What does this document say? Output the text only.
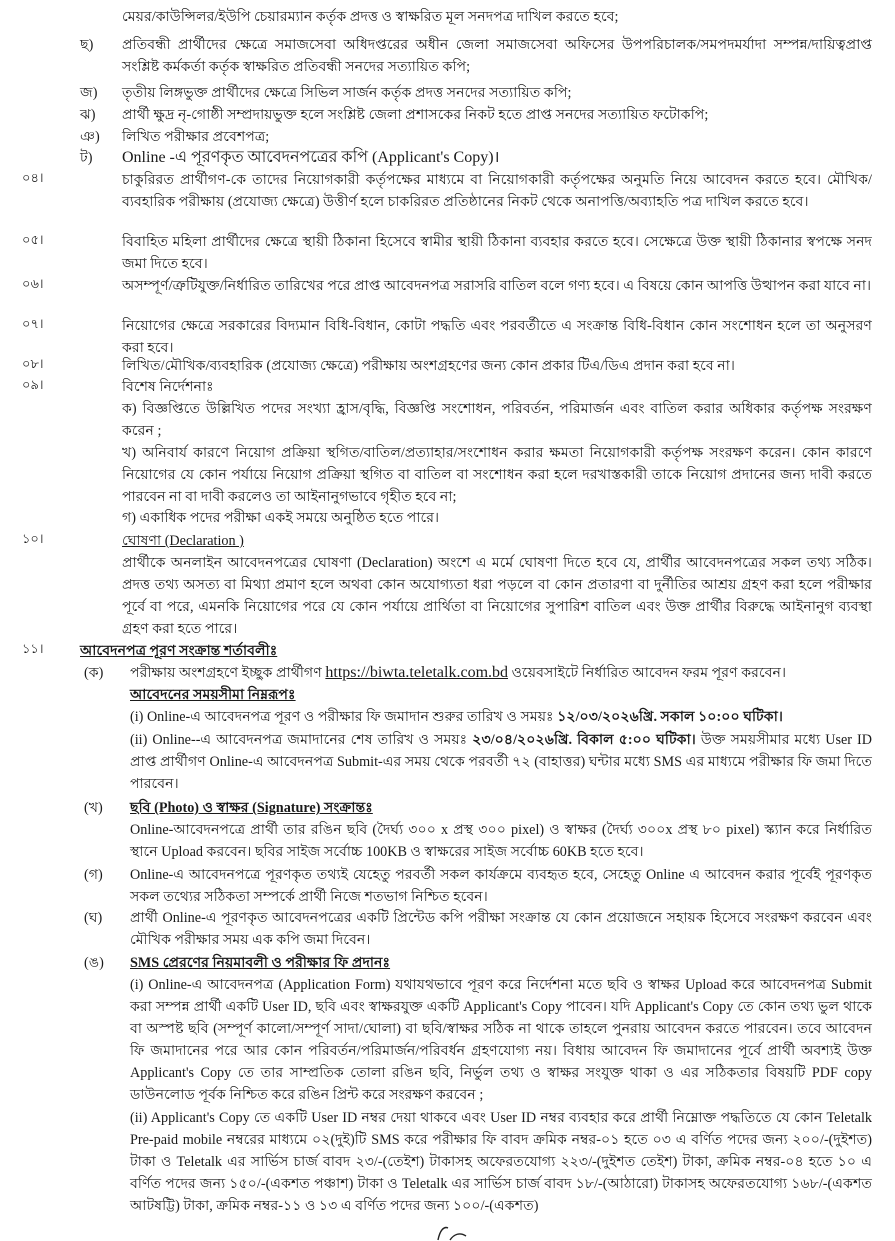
মেয়র/কাউন্সিলর/ইউপি চেয়ারম্যান কর্তৃক প্রদত্ত ও স্বাক্ষরিত মূল সনদপত্র দাখিল করতে হবে;

ছ)	প্রতিবন্ধী প্রার্থীদের ক্ষেত্রে সমাজসেবা অধিদপ্তরের অধীন জেলা সমাজসেবা অফিসের উপপরিচালক/সমপদমর্যাদা সম্পন্ন/দায়িত্বপ্রাপ্ত সংশ্লিষ্ট কর্মকর্তা কর্তৃক স্বাক্ষরিত প্রতিবন্ধী সনদের সত্যায়িত কপি;

জ)	তৃতীয় লিঙ্গভুক্ত প্রার্থীদের ক্ষেত্রে সিভিল সার্জন কর্তৃক প্রদত্ত সনদের সত্যায়িত কপি;

ঝ)	প্রার্থী ক্ষুদ্র নৃ-গোষ্ঠী সম্প্রদায়ভুক্ত হলে সংশ্লিষ্ট জেলা প্রশাসকের নিকট হতে প্রাপ্ত সনদের সত্যায়িত ফটোকপি;

ঞ)	লিখিত পরীক্ষার প্রবেশপত্র;

ট)	Online -এ পূরণকৃত আবেদনপত্রের কপি (Applicant's Copy)।

০৪।	চাকুরিরত প্রার্থীগণ-কে তাদের নিয়োগকারী কর্তৃপক্ষের মাধ্যমে বা নিয়োগকারী কর্তৃপক্ষের অনুমতি নিয়ে আবেদন করতে হবে। মৌখিক/ব্যবহারিক পরীক্ষায় (প্রযোজ্য ক্ষেত্রে) উত্তীর্ণ হলে চাকরিরত প্রতিষ্ঠানের নিকট থেকে অনাপত্তি/অব্যাহতি পত্র দাখিল করতে হবে।

০৫।	বিবাহিত মহিলা প্রার্থীদের ক্ষেত্রে স্থায়ী ঠিকানা হিসেবে স্বামীর স্থায়ী ঠিকানা ব্যবহার করতে হবে। সেক্ষেত্রে উক্ত স্থায়ী ঠিকানার স্বপক্ষে সনদ জমা দিতে হবে।

০৬।	অসম্পূর্ণ/ত্রুটিযুক্ত/নির্ধারিত তারিখের পরে প্রাপ্ত আবেদনপত্র সরাসরি বাতিল বলে গণ্য হবে। এ বিষয়ে কোন আপত্তি উত্থাপন করা যাবে না।

০৭।	নিয়োগের ক্ষেত্রে সরকারের বিদ্যমান বিধি-বিধান, কোটা পদ্ধতি এবং পরবর্তীতে এ সংক্রান্ত বিধি-বিধান কোন সংশোধন হলে তা অনুসরণ করা হবে।

০৮।	লিখিত/মৌখিক/ব্যবহারিক (প্রযোজ্য ক্ষেত্রে) পরীক্ষায় অংশগ্রহণের জন্য কোন প্রকার টিএ/ডিএ প্রদান করা হবে না।

০৯।	বিশেষ নির্দেশনাঃ

ক) বিজ্ঞপ্তিতে উল্লিখিত পদের সংখ্যা হ্রাস/বৃদ্ধি, বিজ্ঞপ্তি সংশোধন, পরিবর্তন, পরিমার্জন এবং বাতিল করার অধিকার কর্তৃপক্ষ সংরক্ষণ করেন ;

খ) অনিবার্য কারণে নিয়োগ প্রক্রিয়া স্থগিত/বাতিল/প্রত্যাহার/সংশোধন করার ক্ষমতা নিয়োগকারী কর্তৃপক্ষ সংরক্ষণ করেন। কোন কারণে নিয়োগের যে কোন পর্যায়ে নিয়োগ প্রক্রিয়া স্থগিত বা বাতিল বা সংশোধন করা হলে দরখাস্তকারী তাকে নিয়োগ প্রদানের জন্য দাবী করতে পারবেন না বা দাবী করলেও তা আইনানুগভাবে গৃহীত হবে না;

গ) একাধিক পদের পরীক্ষা একই সময়ে অনুষ্ঠিত হতে পারে।

১০।	ঘোষণা (Declaration )

প্রার্থীকে অনলাইন আবেদনপত্রের ঘোষণা (Declaration) অংশে এ মর্মে ঘোষণা দিতে হবে যে, প্রার্থীর আবেদনপত্রের সকল তথ্য সঠিক। প্রদত্ত তথ্য অসত্য বা মিথ্যা প্রমাণ হলে অথবা কোন অযোগ্যতা ধরা পড়লে বা কোন প্রতারণা বা দুর্নীতির আশ্রয় গ্রহণ করা হলে পরীক্ষার পূর্বে বা পরে, এমনকি নিয়োগের পরে যে কোন পর্যায়ে প্রার্থিতা বা নিয়োগের সুপারিশ বাতিল এবং উক্ত প্রার্থীর বিরুদ্ধে আইনানুগ ব্যবস্থা গ্রহণ করা হতে পারে।

১১।	আবেদনপত্র পূরণ সংক্রান্ত শর্তাবলীঃ

(ক)	পরীক্ষায় অংশগ্রহণে ইচ্ছুক প্রার্থীগণ https://biwta.teletalk.com.bd ওয়েবসাইটে নির্ধারিত আবেদন ফরম পূরণ করবেন।

আবেদনের সময়সীমা নিম্নরূপঃ

(i) Online-এ আবেদনপত্র পূরণ ও পরীক্ষার ফি জমাদান শুরুর তারিখ ও সময়ঃ ১২/০৩/২০২৬খ্রি. সকাল ১০:০০ ঘটিকা।

(ii) Online--এ আবেদনপত্র জমাদানের শেষ তারিখ ও সময়ঃ ২৩/০৪/২০২৬খ্রি. বিকাল ৫:০০ ঘটিকা। উক্ত সময়সীমার মধ্যে User ID প্রাপ্ত প্রার্থীগণ Online-এ আবেদনপত্র Submit-এর সময় থেকে পরবর্তী ৭২ (বাহাত্তর) ঘন্টার মধ্যে SMS এর মাধ্যমে পরীক্ষার ফি জমা দিতে পারবেন।

(খ)	ছবি (Photo) ও স্বাক্ষর (Signature) সংক্রান্তঃ

Online-আবেদনপত্রে প্রার্থী তার রঙিন ছবি (দৈর্ঘ্য ৩০০ x প্রস্থ ৩০০ pixel) ও স্বাক্ষর (দৈর্ঘ্য ৩০০x প্রস্থ ৮০ pixel) স্ক্যান করে নির্ধারিত স্থানে Upload করবেন। ছবির সাইজ সর্বোচ্চ 100KB ও স্বাক্ষরের সাইজ সর্বোচ্চ 60KB হতে হবে।

(গ)	Online-এ আবেদনপত্রে পূরণকৃত তথ্যই যেহেতু পরবর্তী সকল কার্যক্রমে ব্যবহৃত হবে, সেহেতু Online এ আবেদন করার পূর্বেই পূরণকৃত সকল তথ্যের সঠিকতা সম্পর্কে প্রার্থী নিজে শতভাগ নিশ্চিত হবেন।

(ঘ)	প্রার্থী Online-এ পূরণকৃত আবেদনপত্রের একটি প্রিন্টেড কপি পরীক্ষা সংক্রান্ত যে কোন প্রয়োজনে সহায়ক হিসেবে সংরক্ষণ করবেন এবং মৌখিক পরীক্ষার সময় এক কপি জমা দিবেন।

(ঙ)	SMS প্রেরণের নিয়মাবলী ও পরীক্ষার ফি প্রদানঃ

(i) Online-এ আবেদনপত্র (Application Form) যথাযথভাবে পূরণ করে নির্দেশনা মতে ছবি ও স্বাক্ষর Upload করে আবেদনপত্র Submit করা সম্পন্ন প্রার্থী একটি User ID, ছবি এবং স্বাক্ষরযুক্ত একটি Applicant's Copy পাবেন। যদি Applicant's Copy তে কোন তথ্য ভুল থাকে বা অস্পষ্ট ছবি (সম্পূর্ণ কালো/সম্পূর্ণ সাদা/ঘোলা) বা ছবি/স্বাক্ষর সঠিক না থাকে তাহলে পুনরায় আবেদন করতে পারবেন। তবে আবেদন ফি জমাদানের পরে আর কোন পরিবর্তন/পরিমার্জন/পরিবর্ধন গ্রহণযোগ্য নয়। বিধায় আবেদন ফি জমাদানের পূর্বে প্রার্থী অবশ্যই উক্ত Applicant's Copy তে তার সাম্প্রতিক তোলা রঙিন ছবি, নির্ভুল তথ্য ও স্বাক্ষর সংযুক্ত থাকা ও এর সঠিকতার বিষয়টি PDF copy ডাউনলোড পূর্বক নিশ্চিত করে রঙিন প্রিন্ট করে সংরক্ষণ করবেন ;

(ii) Applicant's Copy তে একটি User ID নম্বর দেয়া থাকবে এবং User ID নম্বর ব্যবহার করে প্রার্থী নিম্নোক্ত পদ্ধতিতে যে কোন Teletalk Pre-paid mobile নম্বরের মাধ্যমে ০২(দুই)টি SMS করে পরীক্ষার ফি বাবদ ক্রমিক নম্বর-০১ হতে ০৩ এ বর্ণিত পদের জন্য ২০০/-(দুইশত) টাকা ও Teletalk এর সার্ভিস চার্জ বাবদ ২৩/-(তেইশ) টাকাসহ অফেরতযোগ্য ২২৩/-(দুইশত তেইশ) টাকা, ক্রমিক নম্বর-০৪ হতে ১০ এ বর্ণিত পদের জন্য ১৫০/-(একশত পঞ্চাশ) টাকা ও Teletalk এর সার্ভিস চার্জ বাবদ ১৮/-(আঠারো) টাকাসহ অফেরতযোগ্য ১৬৮/-(একশত আটষট্টি) টাকা, ক্রমিক নম্বর-১১ ও ১৩ এ বর্ণিত পদের জন্য ১০০/-(একশত)
